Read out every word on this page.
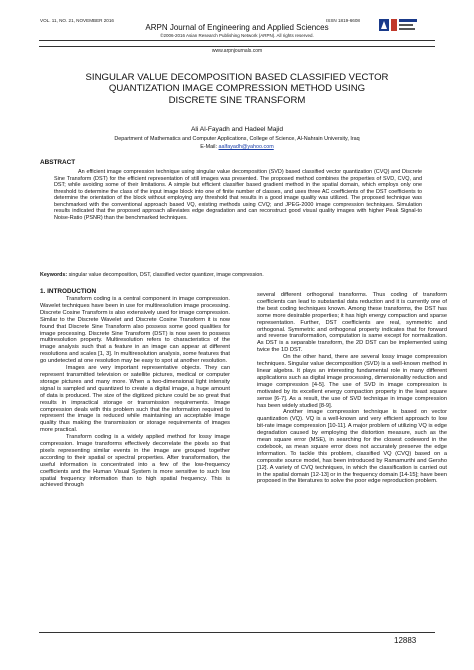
VOL. 11, NO. 21, NOVEMBER 2016	ISSN 1819-6608
ARPN Journal of Engineering and Applied Sciences
©2006-2016 Asian Research Publishing Network (ARPN). All rights reserved.
www.arpnjournals.com
SINGULAR VALUE DECOMPOSITION BASED CLASSIFIED VECTOR
QUANTIZATION IMAGE COMPRESSION METHOD USING
DISCRETE SINE TRANSFORM
Ali Al-Fayadh and Hadeel Majid
Department of Mathematics and Computer Applications, College of Science, Al-Nahrain University, Iraq
E-Mail: aalfayadh@yahoo.com
ABSTRACT
An efficient image compression technique using singular value decomposition (SVD) based classified vector quantization (CVQ) and Discrete Sine Transform (DST) for the efficient representation of still images was presented. The proposed method combines the properties of SVD, CVQ, and DST; while avoiding some of their limitations. A simple but efficient classifier based gradient method in the spatial domain, which employs only one threshold to determine the class of the input image block into one of finite number of classes, and uses three AC coefficients of the DST coefficients to determine the orientation of the block without employing any threshold that results in a good image quality was utilized. The proposed technique was benchmarked with the conventional approach based VQ, existing methods using CVQ; and JPEG-2000 image compression techniques. Simulation results indicated that the proposed approach alleviates edge degradation and can reconstruct good visual quality images with higher Peak Signal-to Noise-Ratio (PSNR) than the benchmarked techniques.
Keywords: singular value decomposition, DST, classified vector quantizer, image compression.
1. INTRODUCTION

Transform coding is a central component in image compression. Wavelet techniques have been in use for multiresolution image processing. Discrete Cosine Transform is also extensively used for image compression. Similar to the Discrete Wavelet and Discrete Cosine Transform it is now found that Discrete Sine Transform also possess some good qualities for image processing. Discrete Sine Transform (DST) is now seen to possess multiresolution property. Multiresolution refers to characteristics of the image analysis such that a feature in an image can appear at different resolutions and scales [1, 3]. In multiresolution analysis, some features that go undetected at one resolution may be easy to spot at another resolution.

Images are very important representative objects. They can represent transmitted television or satellite pictures, medical or computer storage pictures and many more. When a two-dimensional light intensity signal is sampled and quantized to create a digital image, a huge amount of data is produced. The size of the digitized picture could be so great that results in impractical storage or transmission requirements. Image compression deals with this problem such that the information required to represent the image is reduced while maintaining an acceptable image quality thus making the transmission or storage requirements of images more practical.

Transform coding is a widely applied method for lossy image compression. Image transforms effectively decorrelate the pixels so that pixels representing similar events in the image are grouped together according to their spatial or spectral properties. After transformation, the useful information is concentrated into a few of the low-frequency coefficients and the Human Visual System is more sensitive to such low spatial frequency information than to high spatial frequency. This is achieved through

several different orthogonal transforms. Thus coding of transform coefficients can lead to substantial data reduction and it is currently one of the best coding techniques known. Among these transforms, the DST has some more desirable properties; it has high energy compaction and sparse representation. Further, DST coefficients are real, symmetric and orthogonal. Symmetric and orthogonal property indicates that for forward and reverse transformation, computation is same except for normalization. As DST is a separable transform, the 2D DST can be implemented using twice the 1D DST.

On the other hand, there are several lossy image compression techniques. Singular value decomposition (SVD) is a well-known method in linear algebra. It plays an interesting fundamental role in many different applications such as digital image processing, dimensionality reduction and image compression [4-5]. The use of SVD in image compression is motivated by its excellent energy compaction property in the least square sense [6-7]. As a result, the use of SVD technique in image compression has been widely studied [8-9].

Another image compression technique is based on vector quantization (VQ). VQ is a well-known and very efficient approach to low bit-rate image compression [10-11]. A major problem of utilizing VQ is edge degradation caused by employing the distortion measure, such as the mean square error (MSE), in searching for the closest codeword in the codebook, as mean square error does not accurately preserve the edge information. To tackle this problem, classified VQ (CVQ) based on a composite source model, has been introduced by Ramamurthi and Gersho [12]. A variety of CVQ techniques, in which the classification is carried out in the spatial domain [12-13] or in the frequency domain [14-15]; have been proposed in the literatures to solve the poor edge reproduction problem.

12883
